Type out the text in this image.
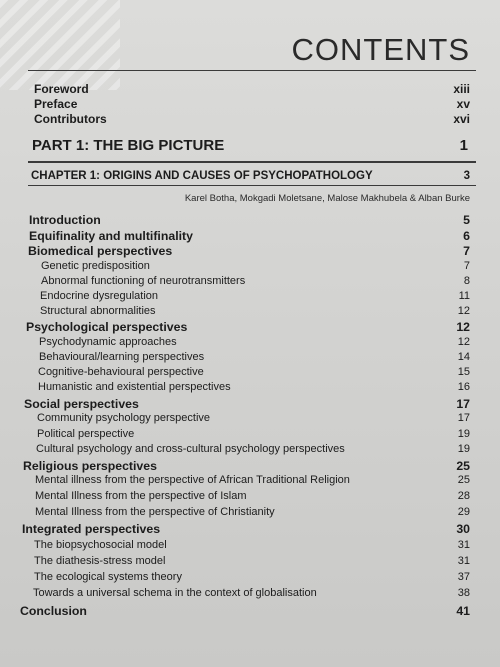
CONTENTS
Foreword	xiii
Preface	xv
Contributors	xvi
PART 1: THE BIG PICTURE	1
CHAPTER 1: ORIGINS AND CAUSES OF PSYCHOPATHOLOGY	3
Karel Botha, Mokgadi Moletsane, Malose Makhubela & Alban Burke
Introduction	5
Equifinality and multifinality	6
Biomedical perspectives	7
Genetic predisposition	7
Abnormal functioning of neurotransmitters	8
Endocrine dysregulation	11
Structural abnormalities	12
Psychological perspectives	12
Psychodynamic approaches	12
Behavioural/learning perspectives	14
Cognitive-behavioural perspective	15
Humanistic and existential perspectives	16
Social perspectives	17
Community psychology perspective	17
Political perspective	19
Cultural psychology and cross-cultural psychology perspectives	19
Religious perspectives	25
Mental illness from the perspective of African Traditional Religion	25
Mental Illness from the perspective of Islam	28
Mental Illness from the perspective of Christianity	29
Integrated perspectives	30
The biopsychosocial model	31
The diathesis-stress model	31
The ecological systems theory	37
Towards a universal schema in the context of globalisation	38
Conclusion	41
